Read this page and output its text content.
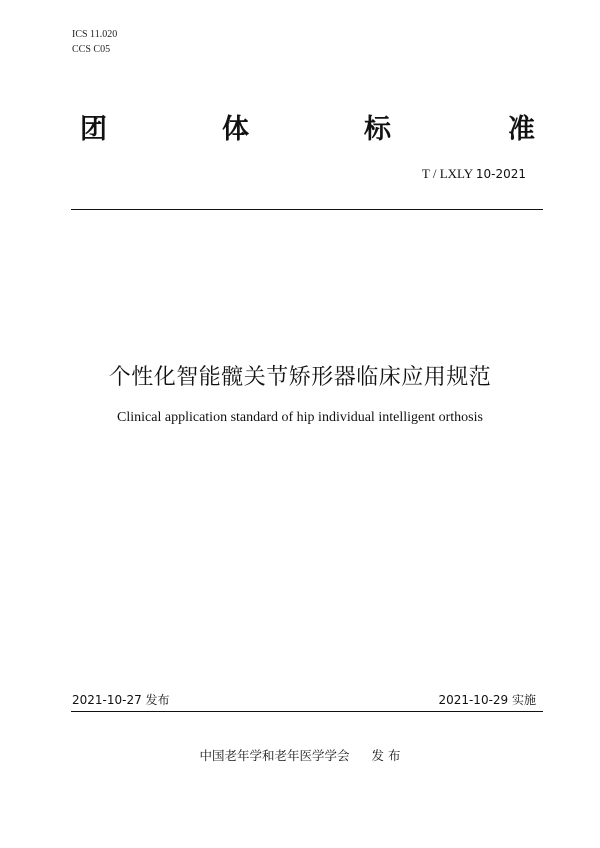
ICS 11.020
CCS C05
团	体	标	准
T / LXLY 10-2021
个性化智能髋关节矫形器临床应用规范
Clinical application standard of hip individual intelligent orthosis
2021-10-27 发布	2021-10-29 实施
中国老年学和老年医学学会 发 布
